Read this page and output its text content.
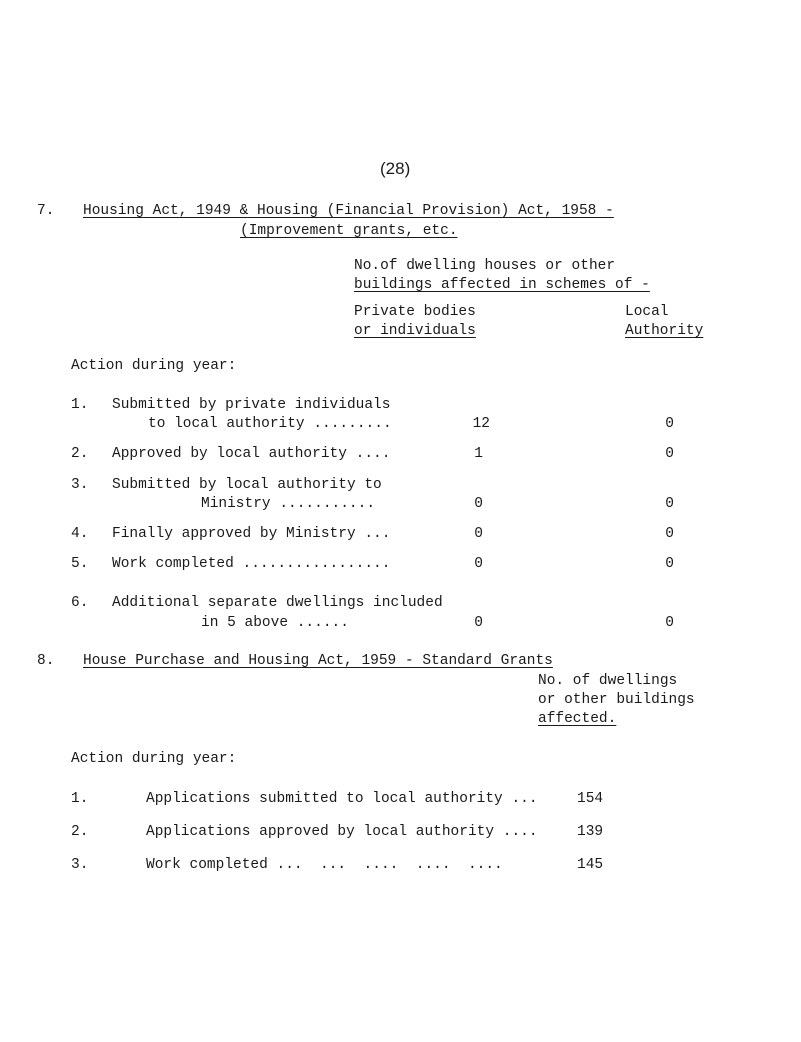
(28)
7. Housing Act, 1949 & Housing (Financial Provision) Act, 1958 -
(Improvement grants, etc.
No.of dwelling houses or other
buildings affected in schemes of -
Private bodies
or individuals
Local
Authority
Action during year:
1. Submitted by private individuals
to local authority .........	12	0
2. Approved by local authority ....	1	0
3. Submitted by local authority to
Ministry ...........	0	0
4. Finally approved by Ministry ...	0	0
5. Work completed .................	0	0
6. Additional separate dwellings included
in 5 above ......	0	0
8. House Purchase and Housing Act, 1959 - Standard Grants
No. of dwellings
or other buildings
affected.
Action during year:
1.	Applications submitted to local authority ...	154
2.	Applications approved by local authority ....	139
3.	Work completed ...  ...  ....  ....  ....	145
